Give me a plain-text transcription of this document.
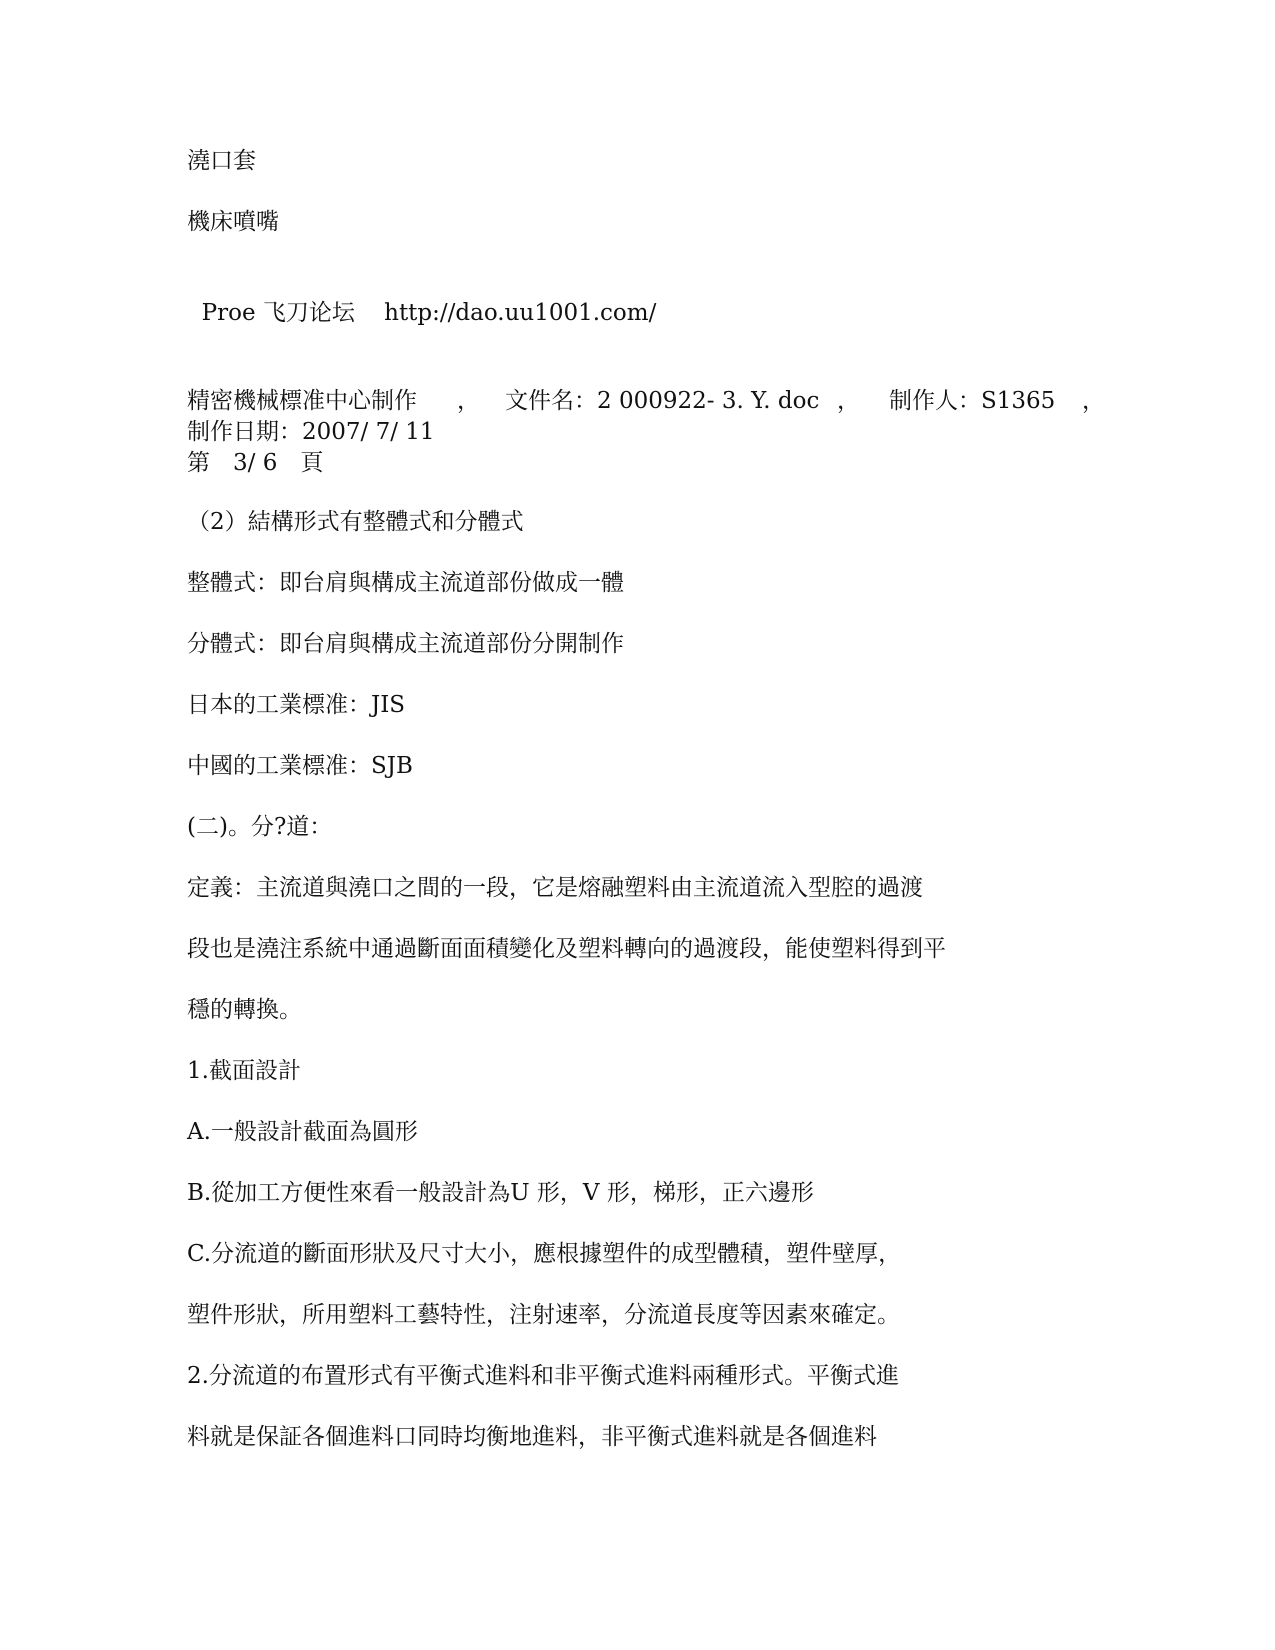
澆口套

機床噴嘴

Proe 飞刀论坛 http://dao.uu1001.com/

精密機械標准中心制作 ， 文件名：2 000922- 3. Y. doc ， 制作人：S1365 ，

制作日期：2007/ 7/ 11

第　3/ 6　頁

（2）結構形式有整體式和分體式

整體式：即台肩與構成主流道部份做成一體

分體式：即台肩與構成主流道部份分開制作

日本的工業標准：JIS

中國的工業標准：SJB

(二)。分?道：

定義：主流道與澆口之間的一段，它是熔融塑料由主流道流入型腔的過渡

段也是澆注系統中通過斷面面積變化及塑料轉向的過渡段，能使塑料得到平

穩的轉換。

1.截面設計

A.一般設計截面為圓形

B.從加工方便性來看一般設計為U 形，V 形，梯形，正六邊形

C.分流道的斷面形狀及尺寸大小，應根據塑件的成型體積，塑件壁厚，

塑件形狀，所用塑料工藝特性，注射速率，分流道長度等因素來確定。

2.分流道的布置形式有平衡式進料和非平衡式進料兩種形式。平衡式進

料就是保証各個進料口同時均衡地進料，非平衡式進料就是各個進料
